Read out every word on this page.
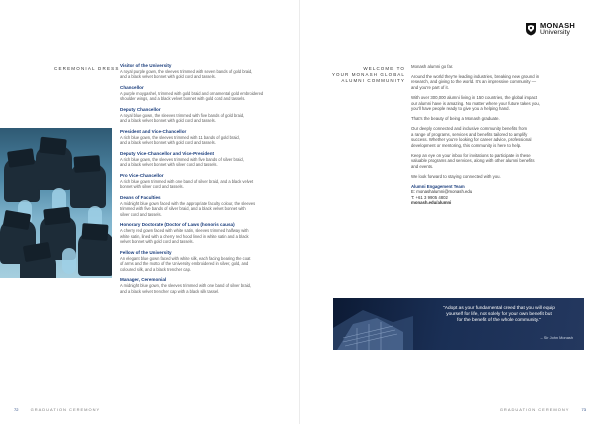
CEREMONIAL DRESS
Visitor of the University
A royal purple gown, the sleeves trimmed with seven bands of gold braid,
and a black velvet bonnet with gold cord and tassels.
Chancellor
A purple moygashel, trimmed with gold braid and ornamental gold embroidered
shoulder wings, and a black velvet bonnet with gold cord and tassels.
Deputy Chancellor
A royal blue gown, the sleeves trimmed with five bands of gold braid,
and a black velvet bonnet with gold cord and tassels.
President and Vice-Chancellor
A rich blue gown, the sleeves trimmed with 11 bands of gold braid,
and a black velvet bonnet with gold cord and tassels.
Deputy Vice-Chancellor and Vice-President
A rich blue gown, the sleeves trimmed with five bands of silver braid,
and a black velvet bonnet with silver cord and tassels.
Pro Vice-Chancellor
A rich blue gown trimmed with one band of silver braid, and a black velvet
bonnet with silver cord and tassels.
Deans of Faculties
A midnight blue gown faced with the appropriate faculty colour, the sleeves
trimmed with five bands of silver braid, and a black velvet bonnet with
silver cord and tassels.
Honorary Doctorate (Doctor of Laws (honoris causa)
A cherry red gown faced with white satin, sleeves trimmed halfway with
white satin, lined with a cherry red hood lined in white satin and a black
velvet bonnet with gold cord and tassels.
Fellow of the University
An elegant blue gown faced with white silk, each facing bearing the coat
of arms and the motto of the University embroidered in silver, gold, and
coloured silk, and a black trencher cap.
Manager, Ceremonial
A midnight blue gown, the sleeves trimmed with one band of silver braid,
and a black velvet trencher cap with a black silk tassel.
72	GRADUATION CEREMONY
MONASH
University
WELCOME TO
YOUR MONASH GLOBAL
ALUMNI COMMUNITY

Monash alumni go far.

Around the world they're leading industries, breaking new ground in
research, and giving to the world. It's an impressive community —
and you're part of it.

With over 300,000 alumni living in 150 countries, the global impact
our alumni have is amazing. No matter where your future takes you,
you'll have people ready to give you a helping hand.

That's the beauty of being a Monash graduate.

Our deeply connected and inclusive community benefits from
a range of programs, services and benefits tailored to amplify
success. Whether you're looking for career advice, professional
development or mentoring, this community is here to help.

Keep an eye on your inbox for invitations to participate in these
valuable programs and services, along with other alumni benefits
and events.

We look forward to staying connected with you.

Alumni Engagement Team
E: monashalumni@monash.edu
T: +61 3 9905 4802
monash.edu/alumni
"Adopt as your fundamental creed that you will equip
yourself for life, not solely for your own benefit but
for the benefit of the whole community."
– Sir John Monash
GRADUATION CEREMONY	73
